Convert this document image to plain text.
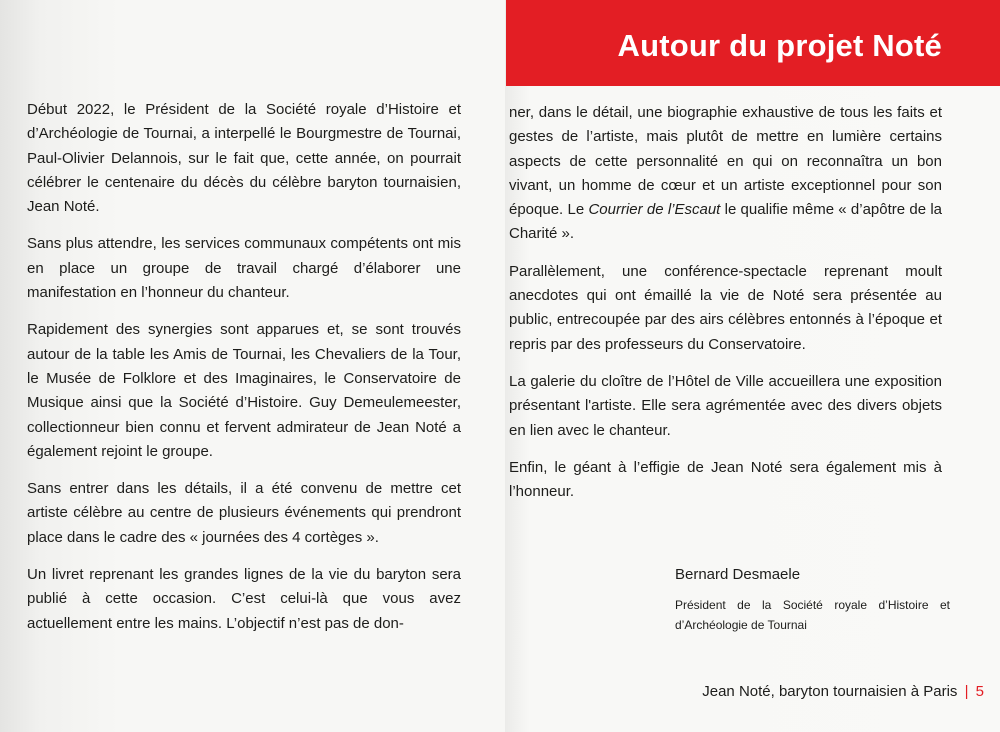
Autour du projet Noté

Début 2022, le Président de la Société royale d’Histoire et d’Archéologie de Tournai, a interpellé le Bourgmestre de Tournai, Paul-Olivier Delannois, sur le fait que, cette année, on pourrait célébrer le centenaire du décès du célèbre baryton tournaisien, Jean Noté.

Sans plus attendre, les services communaux compétents ont mis en place un groupe de travail chargé d’élaborer une manifestation en l’honneur du chanteur.

Rapidement des synergies sont apparues et, se sont trouvés autour de la table les Amis de Tournai, les Chevaliers de la Tour, le Musée de Folklore et des Imaginaires, le Conservatoire de Musique ainsi que la Société d’Histoire. Guy Demeulemeester, collectionneur bien connu et fervent admirateur de Jean Noté a également rejoint le groupe.

Sans entrer dans les détails, il a été convenu de mettre cet artiste célèbre au centre de plusieurs événements qui prendront place dans le cadre des « journées des 4 cortèges ».

Un livret reprenant les grandes lignes de la vie du baryton sera publié à cette occasion. C’est celui-là que vous avez actuellement entre les mains. L’objectif n’est pas de don-

ner, dans le détail, une biographie exhaustive de tous les faits et gestes de l’artiste, mais plutôt de mettre en lumière certains aspects de cette personnalité en qui on reconnaîtra un bon vivant, un homme de cœur et un artiste exceptionnel pour son époque. Le Courrier de l’Escaut le qualifie même « d’apôtre de la Charité ».

Parallèlement, une conférence-spectacle reprenant moult anecdotes qui ont émaillé la vie de Noté sera présentée au public, entrecoupée par des airs célèbres entonnés à l’époque et repris par des professeurs du Conservatoire.

La galerie du cloître de l’Hôtel de Ville accueillera une exposition présentant l'artiste. Elle sera agrémentée avec des divers objets en lien avec le chanteur.

Enfin, le géant à l’effigie de Jean Noté sera également mis à l’honneur.

Bernard Desmaele

Président de la Société royale d’Histoire et d’Archéologie de Tournai

Jean Noté, baryton tournaisien à Paris | 5
